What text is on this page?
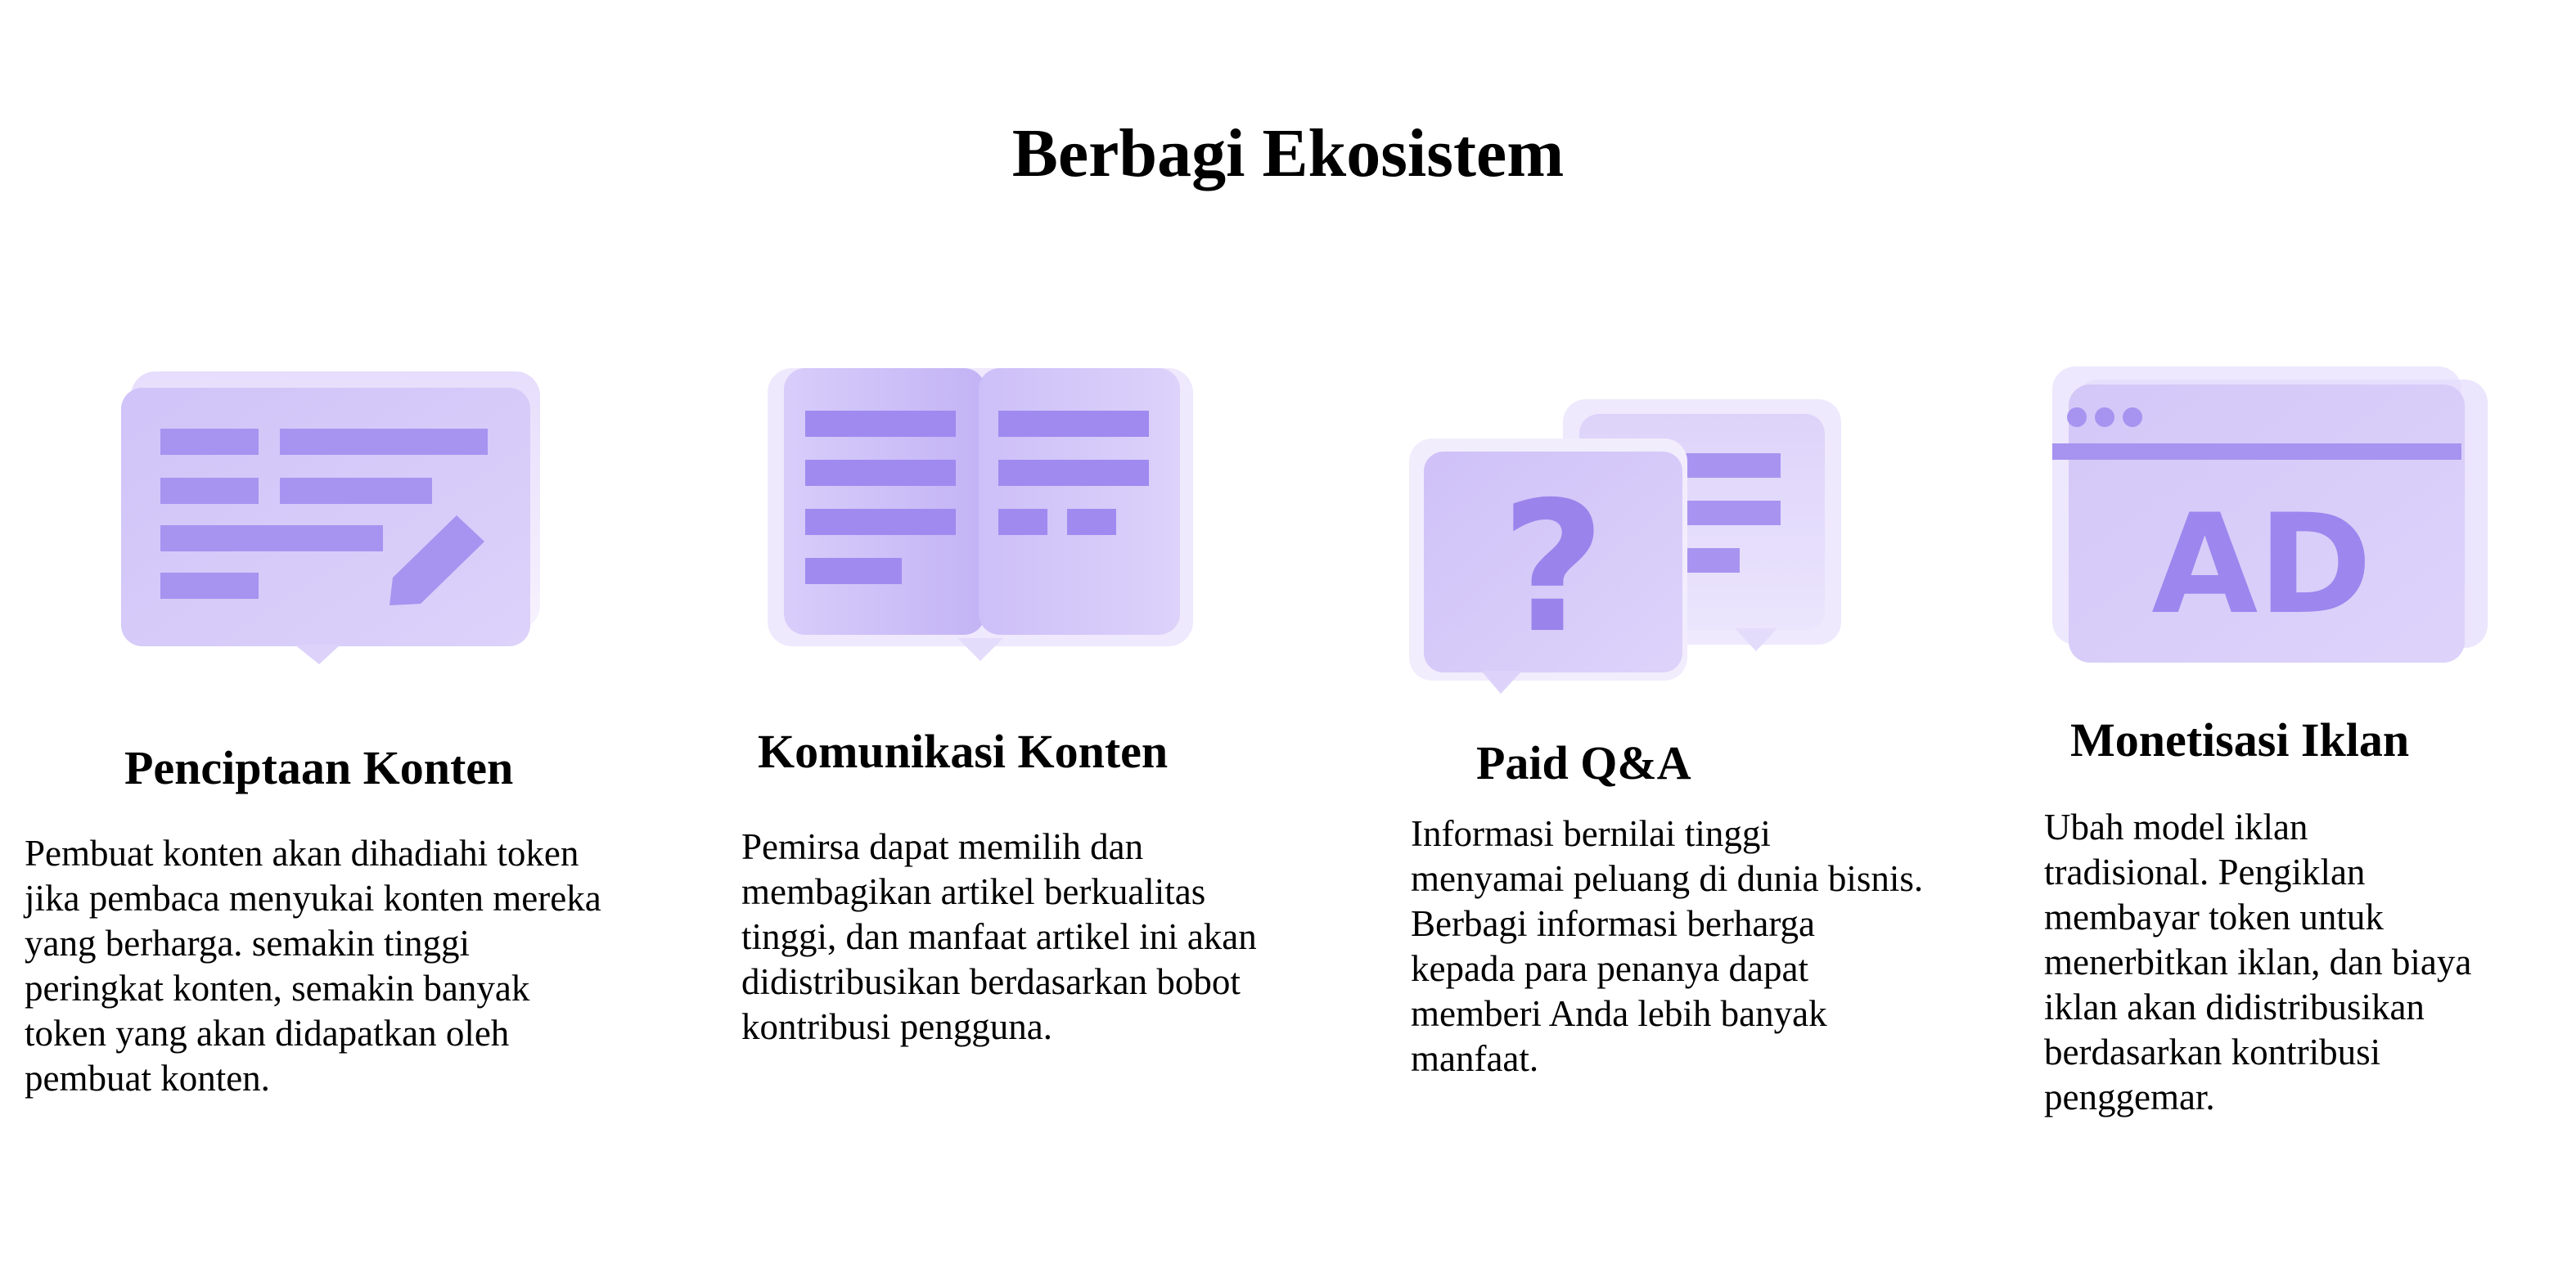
Berbagi Ekosistem
Penciptaan Konten

Pembuat konten akan dihadiahi token
jika pembaca menyukai konten mereka
yang berharga. semakin tinggi
peringkat konten, semakin banyak
token yang akan didapatkan oleh
pembuat konten.

Komunikasi Konten

Pemirsa dapat memilih dan
membagikan artikel berkualitas
tinggi, dan manfaat artikel ini akan
didistribusikan berdasarkan bobot
kontribusi pengguna.

?
Paid Q&A

Informasi bernilai tinggi
menyamai peluang di dunia bisnis.
Berbagi informasi berharga
kepada para penanya dapat
memberi Anda lebih banyak
manfaat.

AD
Monetisasi Iklan

Ubah model iklan
tradisional. Pengiklan
membayar token untuk
menerbitkan iklan, dan biaya
iklan akan didistribusikan
berdasarkan kontribusi
penggemar.
